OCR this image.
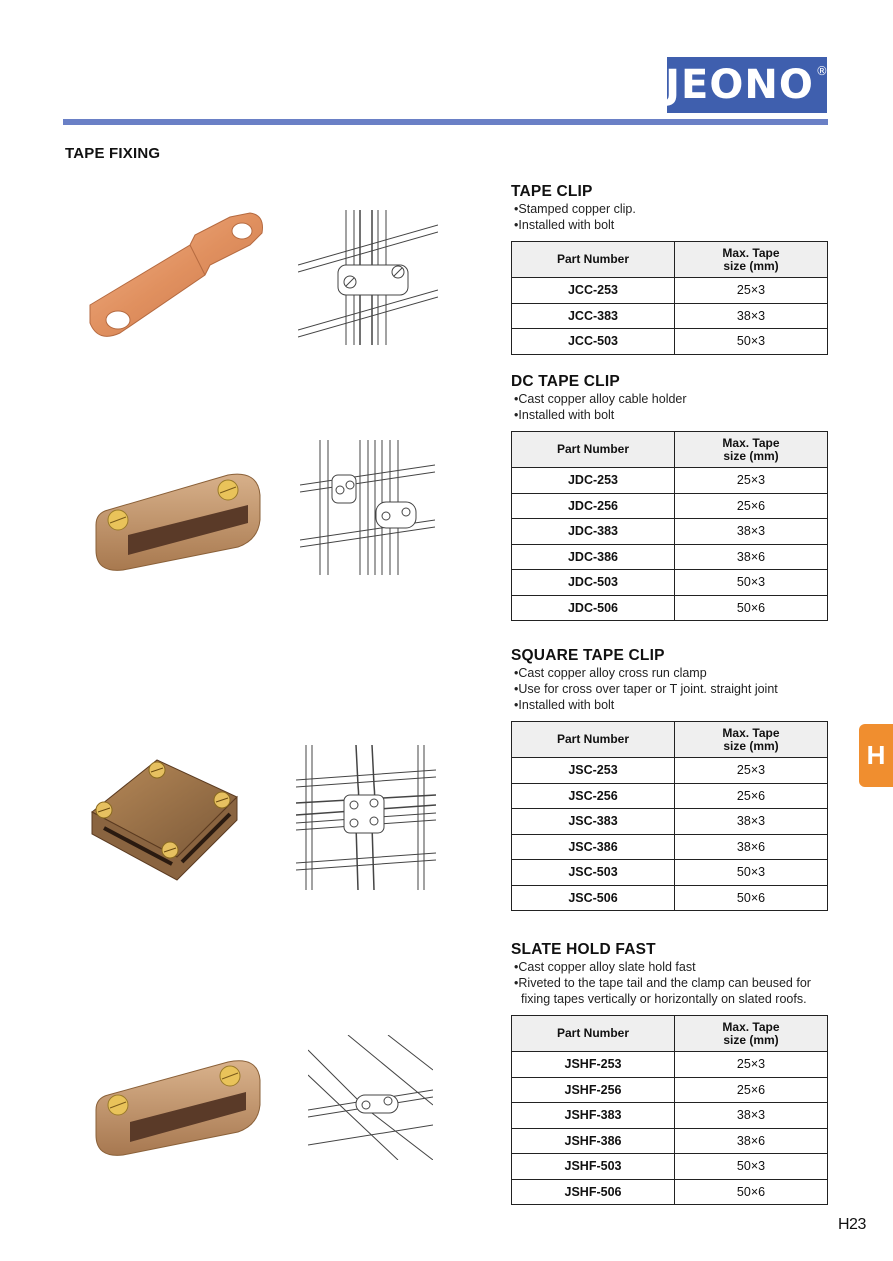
JEONO ®
TAPE FIXING
TAPE CLIP
• Stamped copper clip.
• Installed with bolt
Part Number	Max. Tape
size (mm)
JCC-253	25×3
JCC-383	38×3
JCC-503	50×3
DC TAPE CLIP
• Cast copper alloy cable holder
• Installed with bolt
Part Number	Max. Tape
size (mm)
JDC-253	25×3
JDC-256	25×6
JDC-383	38×3
JDC-386	38×6
JDC-503	50×3
JDC-506	50×6
SQUARE TAPE CLIP
• Cast copper alloy cross run clamp
• Use for cross over taper or T joint. straight joint
• Installed with bolt
Part Number	Max. Tape
size (mm)
JSC-253	25×3
JSC-256	25×6
JSC-383	38×3
JSC-386	38×6
JSC-503	50×3
JSC-506	50×6
SLATE HOLD FAST
• Cast copper alloy slate hold fast
• Riveted to the tape tail and the clamp can beused for fixing tapes vertically or horizontally on slated roofs.
Part Number	Max. Tape
size (mm)
JSHF-253	25×3
JSHF-256	25×6
JSHF-383	38×3
JSHF-386	38×6
JSHF-503	50×3
JSHF-506	50×6
H
H23
